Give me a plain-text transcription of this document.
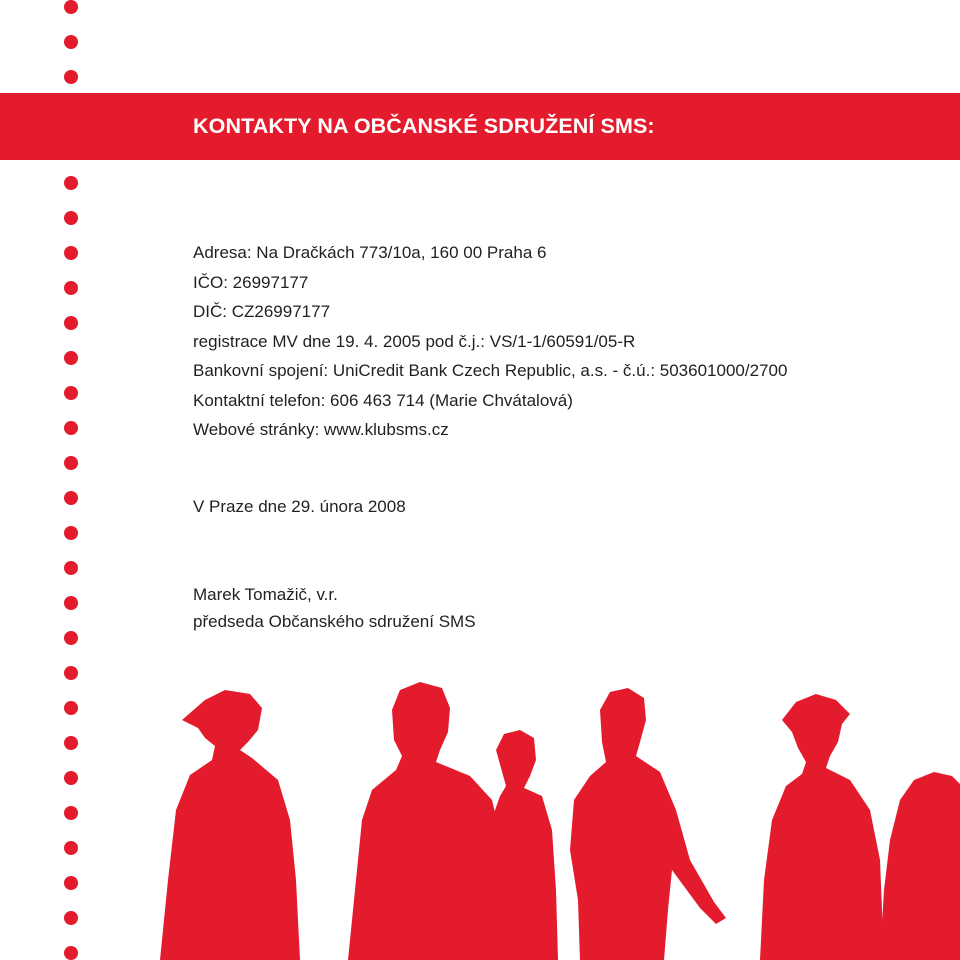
KONTAKTY NA OBČANSKÉ SDRUŽENÍ SMS:
Adresa: Na Dračkách 773/10a, 160 00 Praha 6
IČO: 26997177
DIČ: CZ26997177
registrace MV dne 19. 4. 2005 pod č.j.: VS/1-1/60591/05-R
Bankovní spojení: UniCredit Bank Czech Republic, a.s. - č.ú.: 503601000/2700
Kontaktní telefon: 606 463 714 (Marie Chvátalová)
Webové stránky: www.klubsms.cz
V Praze dne 29. února 2008
Marek Tomažič, v.r.
předseda Občanského sdružení SMS
